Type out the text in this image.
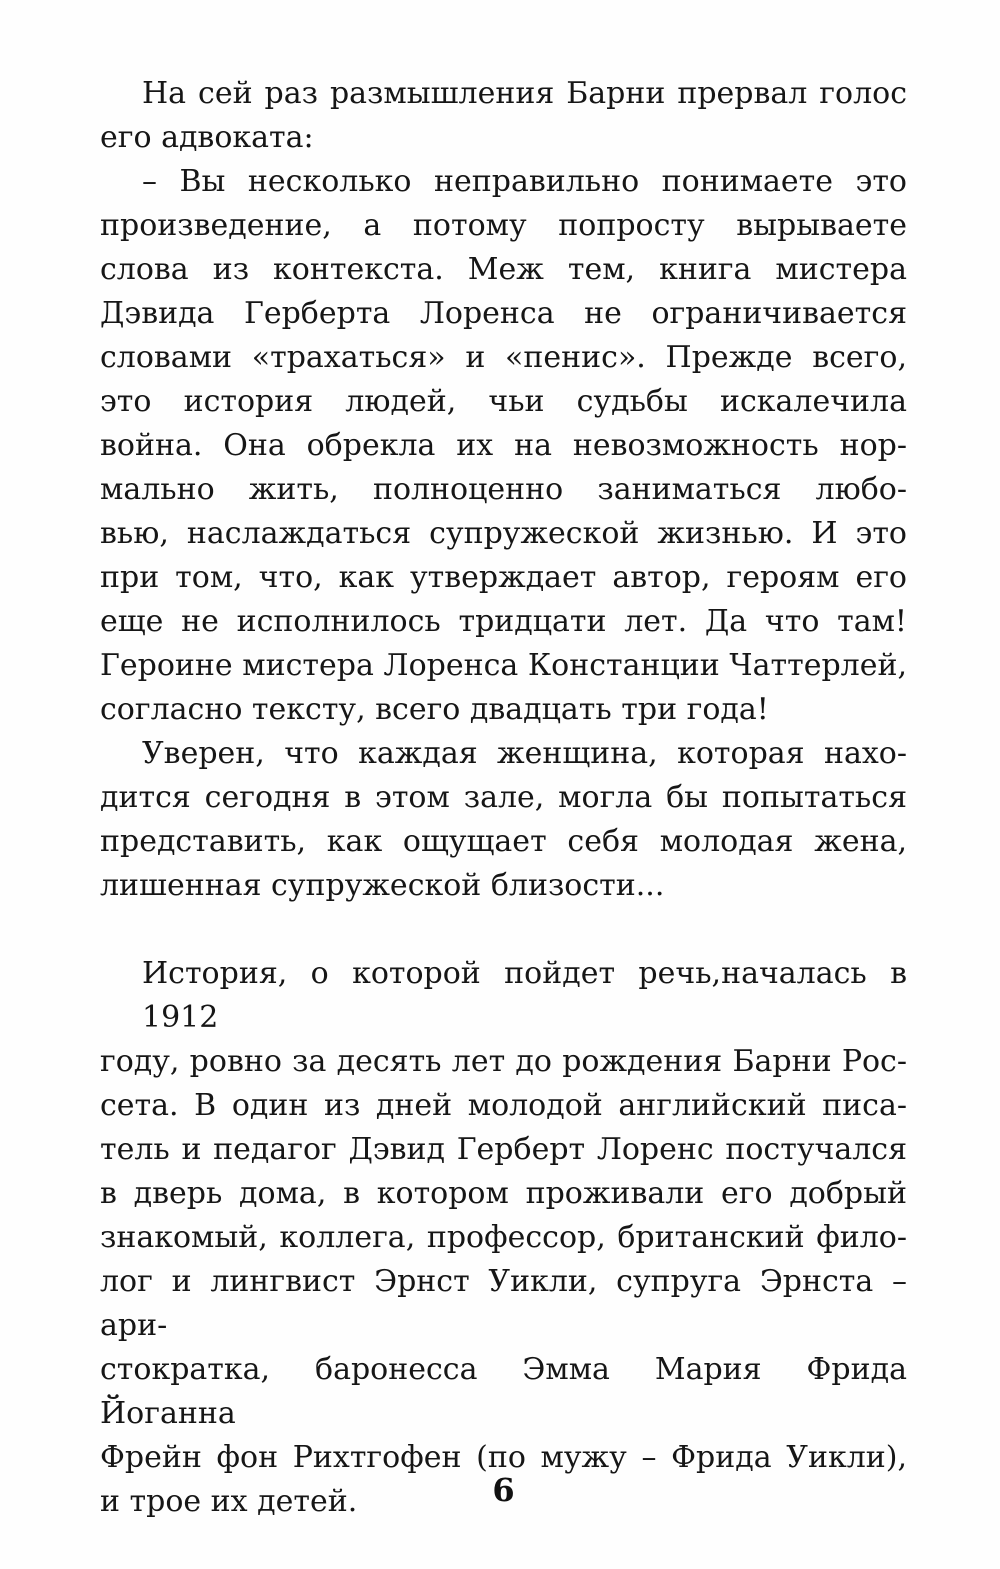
На сей раз размышления Барни прервал голос
его адвоката:
– Вы несколько неправильно понимаете это
произведение, а потому попросту вырываете
слова из контекста. Меж тем, книга мистера
Дэвида Герберта Лоренса не ограничивается
словами «трахаться» и «пенис». Прежде всего,
это история людей, чьи судьбы искалечила
война. Она обрекла их на невозможность нор-
мально жить, полноценно заниматься любо-
вью, наслаждаться супружеской жизнью. И это
при том, что, как утверждает автор, героям его
еще не исполнилось тридцати лет. Да что там!
Героине мистера Лоренса Констанции Чаттерлей,
согласно тексту, всего двадцать три года!
Уверен, что каждая женщина, которая нахо-
дится сегодня в этом зале, могла бы попытаться
представить, как ощущает себя молодая жена,
лишенная супружеской близости...
История, о которой пойдет речь,началась в 1912
году, ровно за десять лет до рождения Барни Рос-
сета. В один из дней молодой английский писа-
тель и педагог Дэвид Герберт Лоренс постучался
в дверь дома, в котором проживали его добрый
знакомый, коллега, профессор, британский фило-
лог и лингвист Эрнст Уикли, супруга Эрнста – ари-
стократка, баронесса Эмма Мария Фрида Йоганна
Фрейн фон Рихтгофен (по мужу – Фрида Уикли),
и трое их детей.	6
